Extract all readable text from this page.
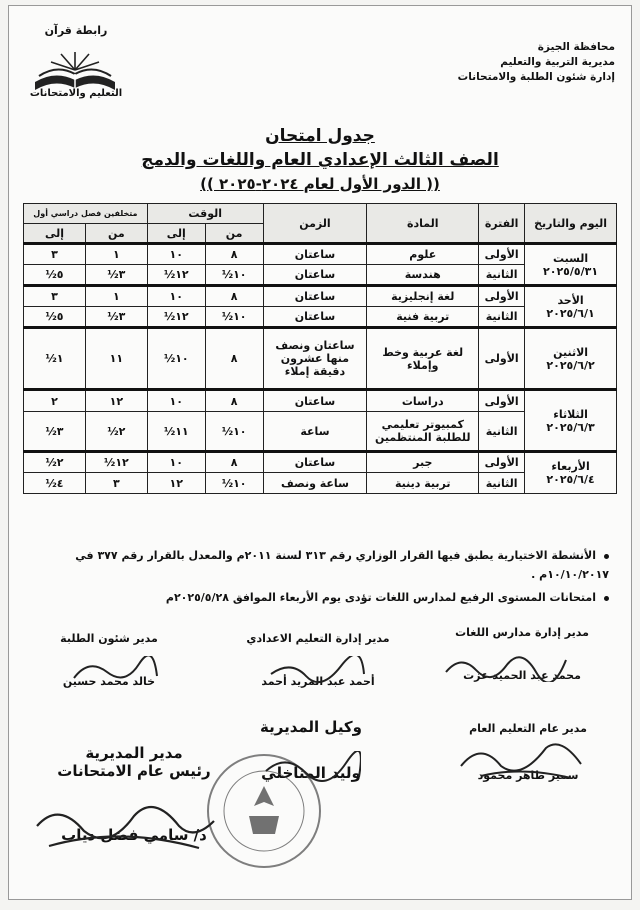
محافظة الجيزة
مديرية التربية والتعليم
إدارة شئون الطلبة والامتحانات
رابطة قرآن
التعليم والامتحانات
جدول امتحان
الصف الثالث الإعدادي العام واللغات والدمج
(( الدور الأول لعام ٢٠٢٤-٢٠٢٥ ))
اليوم والتاريخ	الفترة	المادة	الزمن	الوقت		متخلفين فصل دراسي أول	
				من	إلى	من	إلى

السبت
٢٠٢٥/٥/٣١	الأولى	علوم	ساعتان	٨	١٠	١	٣
	الثانية	هندسة	ساعتان	١٠½	١٢½	٣½	٥½

الأحد
٢٠٢٥/٦/١	الأولى	لغة إنجليزية	ساعتان	٨	١٠	١	٣
	الثانية	تربية فنية	ساعتان	١٠½	١٢½	٣½	٥½

الاثنين
٢٠٢٥/٦/٢	الأولى	لغة عربية وخط وإملاء	ساعتان ونصف منها عشرون دقيقة إملاء	٨	١٠½	١١	١½

الثلاثاء
٢٠٢٥/٦/٣	الأولى	دراسات	ساعتان	٨	١٠	١٢	٢
	الثانية	كمبيوتر تعليمي للطلبة المنتظمين	ساعة	١٠½	١١½	٢½	٣½

الأربعاء
٢٠٢٥/٦/٤	الأولى	جبر	ساعتان	٨	١٠	١٢½	٢½
	الثانية	تربية دينية	ساعة ونصف	١٠½	١٢	٣	٤½

الأنشطة الاختيارية يطبق فيها القرار الوزاري رقم ٣١٣ لسنة ٢٠١١م والمعدل بالقرار رقم ٣٧٧ في ١٠/١٠/٢٠١٧م .

امتحانات المستوى الرفيع لمدارس اللغات تؤدى يوم الأربعاء الموافق ٢٠٢٥/٥/٢٨م

مدير إدارة مدارس اللغات
محمد عبد الحميد عزت
مدير إدارة التعليم الاعدادي
أحمد عبد المريد أحمد
مدير شئون الطلبة
خالد محمد حسين
مدير عام التعليم العام
سمير طاهر محمود
وكيل المديرية
وليد المناخلي
مدير المديرية
رئيس عام الامتحانات
د/ سامي فضل دياب
